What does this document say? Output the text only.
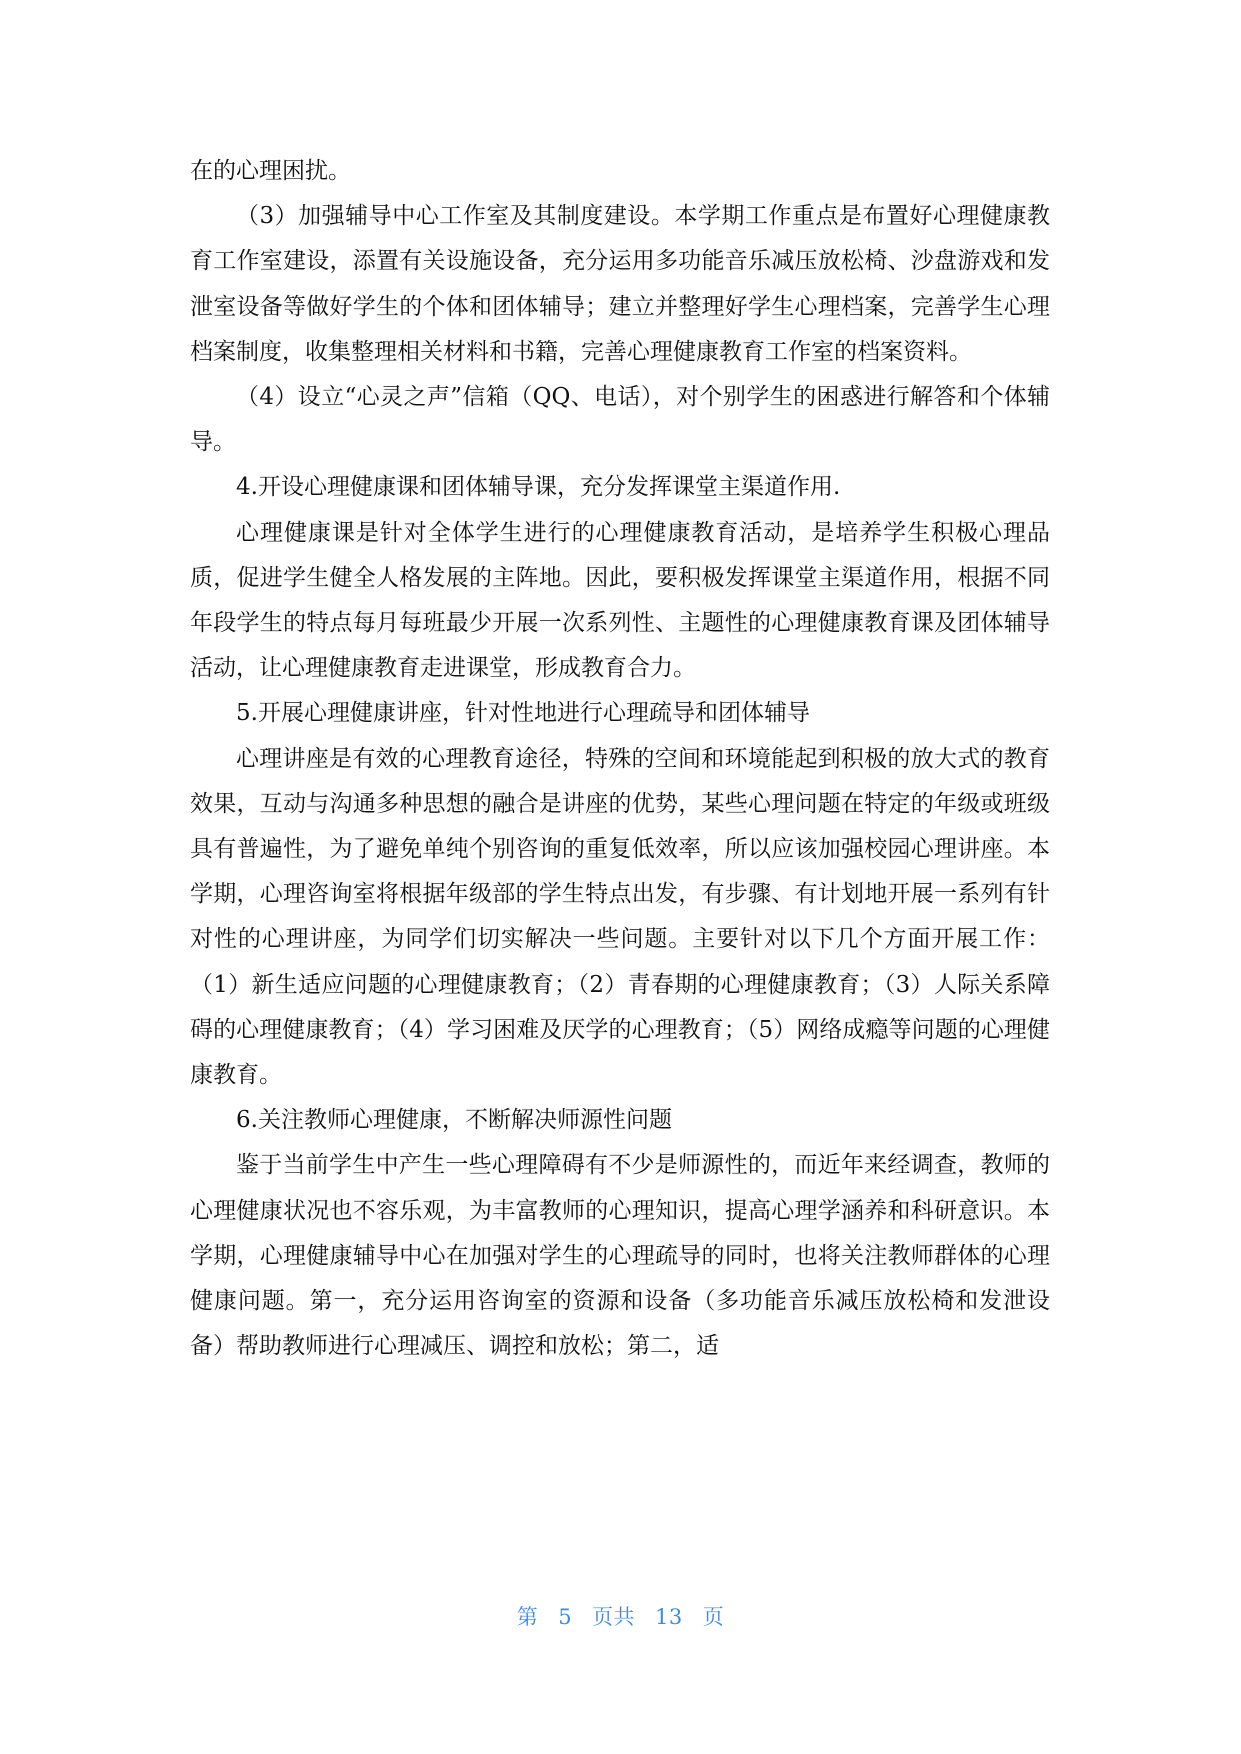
在的心理困扰。

（3）加强辅导中心工作室及其制度建设。本学期工作重点是布置好心理健康教育工作室建设，添置有关设施设备，充分运用多功能音乐减压放松椅、沙盘游戏和发泄室设备等做好学生的个体和团体辅导；建立并整理好学生心理档案，完善学生心理档案制度，收集整理相关材料和书籍，完善心理健康教育工作室的档案资料。

（4）设立“心灵之声”信箱（QQ、电话），对个别学生的困惑进行解答和个体辅导。

4.开设心理健康课和团体辅导课，充分发挥课堂主渠道作用.

心理健康课是针对全体学生进行的心理健康教育活动，是培养学生积极心理品质，促进学生健全人格发展的主阵地。因此，要积极发挥课堂主渠道作用，根据不同年段学生的特点每月每班最少开展一次系列性、主题性的心理健康教育课及团体辅导活动，让心理健康教育走进课堂，形成教育合力。

5.开展心理健康讲座，针对性地进行心理疏导和团体辅导

心理讲座是有效的心理教育途径，特殊的空间和环境能起到积极的放大式的教育效果，互动与沟通多种思想的融合是讲座的优势，某些心理问题在特定的年级或班级具有普遍性，为了避免单纯个别咨询的重复低效率，所以应该加强校园心理讲座。本学期，心理咨询室将根据年级部的学生特点出发，有步骤、有计划地开展一系列有针对性的心理讲座，为同学们切实解决一些问题。主要针对以下几个方面开展工作：（1）新生适应问题的心理健康教育；（2）青春期的心理健康教育；（3）人际关系障碍的心理健康教育；（4）学习困难及厌学的心理教育；（5）网络成瘾等问题的心理健康教育。

6.关注教师心理健康，不断解决师源性问题

鉴于当前学生中产生一些心理障碍有不少是师源性的，而近年来经调查，教师的心理健康状况也不容乐观，为丰富教师的心理知识，提高心理学涵养和科研意识。本学期，心理健康辅导中心在加强对学生的心理疏导的同时，也将关注教师群体的心理健康问题。第一，充分运用咨询室的资源和设备（多功能音乐减压放松椅和发泄设备）帮助教师进行心理减压、调控和放松；第二，适

第 5 页共 13 页
